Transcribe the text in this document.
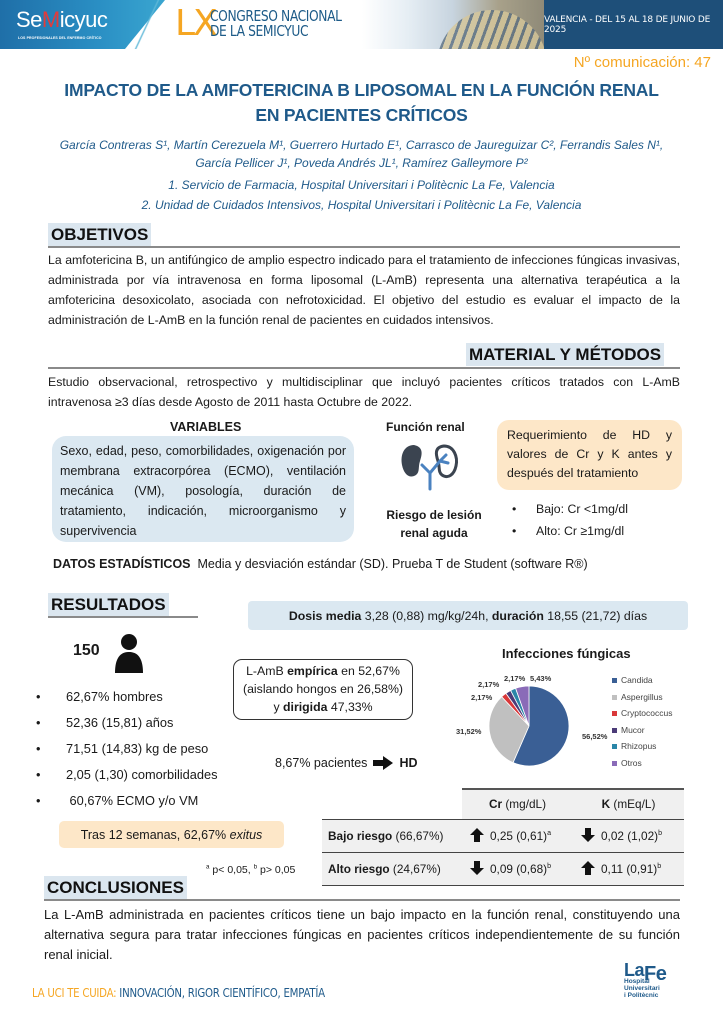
SeMicyuc
LOS PROFESIONALES DEL ENFERMO CRÍTICO LX
CONGRESO NACIONAL
DE LA SEMICYUC
VALENCIA - DEL 15 AL 18 DE JUNIO DE 2025
Nº comunicación: 47
IMPACTO DE LA AMFOTERICINA B LIPOSOMAL EN LA FUNCIÓN RENAL
EN PACIENTES CRÍTICOS
García Contreras S¹, Martín Cerezuela M¹, Guerrero Hurtado E¹, Carrasco de Jaureguizar C², Ferrandis Sales N¹,
García Pellicer J¹, Poveda Andrés JL¹, Ramírez Galleymore P²
1. Servicio de Farmacia, Hospital Universitari i Politècnic La Fe, Valencia
2. Unidad de Cuidados Intensivos, Hospital Universitari i Politècnic La Fe, Valencia
OBJETIVOS
La amfotericina B, un antifúngico de amplio espectro indicado para el tratamiento de infecciones fúngicas invasivas, administrada por vía intravenosa en forma liposomal (L-AmB) representa una alternativa terapéutica a la amfotericina desoxicolato, asociada con nefrotoxicidad. El objetivo del estudio es evaluar el impacto de la administración de L-AmB en la función renal de pacientes en cuidados intensivos.
MATERIAL Y MÉTODOS
Estudio observacional, retrospectivo y multidisciplinar que incluyó pacientes críticos tratados con L-AmB intravenosa ≥3 días desde Agosto de 2011 hasta Octubre de 2022.
VARIABLES
Sexo, edad, peso, comorbilidades, oxigenación por membrana extracorpórea (ECMO), ventilación mecánica (VM), posología, duración de tratamiento, indicación, microorganismo y supervivencia
Función renal
Riesgo de lesión
renal aguda
Requerimiento de HD y valores de Cr y K antes y después del tratamiento
• Bajo: Cr <1mg/dl
• Alto: Cr ≥1mg/dl
DATOS ESTADÍSTICOS Media y desviación estándar (SD). Prueba T de Student (software R®)
RESULTADOS
Dosis media 3,28 (0,88) mg/kg/24h, duración 18,55 (21,72) días
150
• 62,67% hombres
• 52,36 (15,81) años
• 71,51 (14,83) kg de peso
• 2,05 (1,30) comorbilidades
•  60,67% ECMO y/o VM
L-AmB empírica en 52,67%
(aislando hongos en 26,58%)
y dirigida 47,33%
8,67% pacientes	HD
Infecciones fúngicas
56,52%
31,52%
2,17%
2,17%
2,17% 5,43%	Candida
Aspergillus
Cryptococcus
Mucor
Rhizopus
Otros
Tras 12 semanas, 62,67% exitus
$^a$ p< 0,05, $^b$ p> 0,05
	Cr (mg/dL)	K (mEq/L)
Bajo riesgo (66,67%)	0,25 $(0,61)^a$	0,02 $(1,02)^b$
Alto riesgo (24,67%)	0,09 $(0,68)^b$	0,11 $(0,91)^b$
CONCLUSIONES
La L-AmB administrada en pacientes críticos tiene un bajo impacto en la función renal, constituyendo una alternativa segura para tratar infecciones fúngicas en pacientes críticos independientemente de su función renal inicial.
LA UCI TE CUIDA: INNOVACIÓN, RIGOR CIENTÍFICO, EMPATÍA
LaFe
Hospital
Universitari
i Politècnic
